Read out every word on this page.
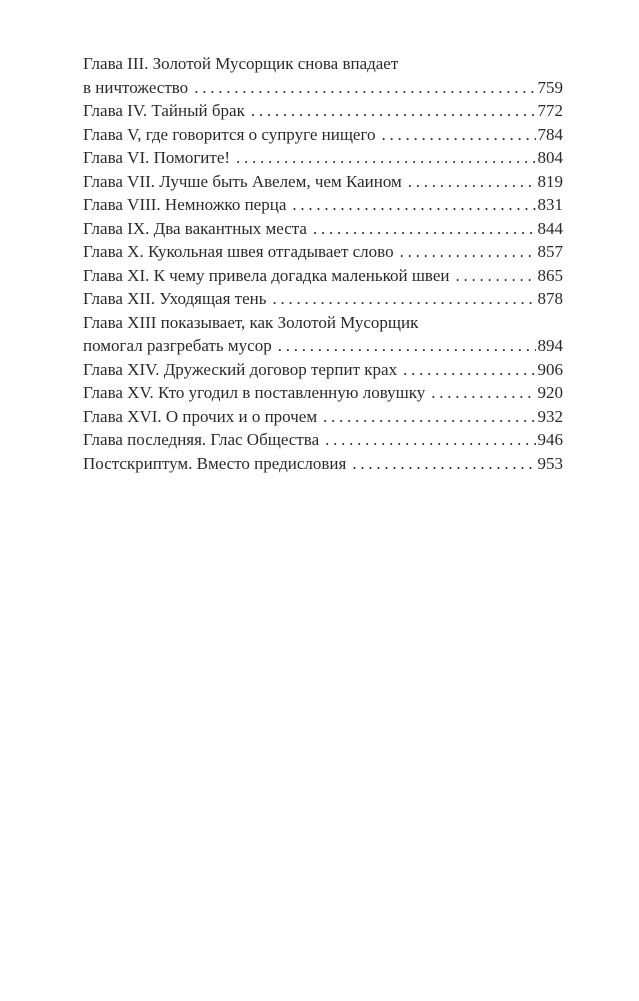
Глава III. Золотой Мусорщик снова впадает
в ничтожество . . .	759
Глава IV. Тайный брак . . .	772
Глава V, где говорится о супруге нищего . . .	784
Глава VI. Помогите! . . .	804
Глава VII. Лучше быть Авелем, чем Каином . . .	819
Глава VIII. Немножко перца . . .	831
Глава IX. Два вакантных места . . .	844
Глава X. Кукольная швея отгадывает слово . . .	857
Глава XI. К чему привела догадка маленькой швеи . . .	865
Глава XII. Уходящая тень . . .	878
Глава XIII показывает, как Золотой Мусорщик
помогал разгребать мусор . . .	894
Глава XIV. Дружеский договор терпит крах . . .	906
Глава XV. Кто угодил в поставленную ловушку . . .	920
Глава XVI. О прочих и о прочем . . .	932
Глава последняя. Глас Общества . . .	946
Постскриптум. Вместо предисловия . . .	953
